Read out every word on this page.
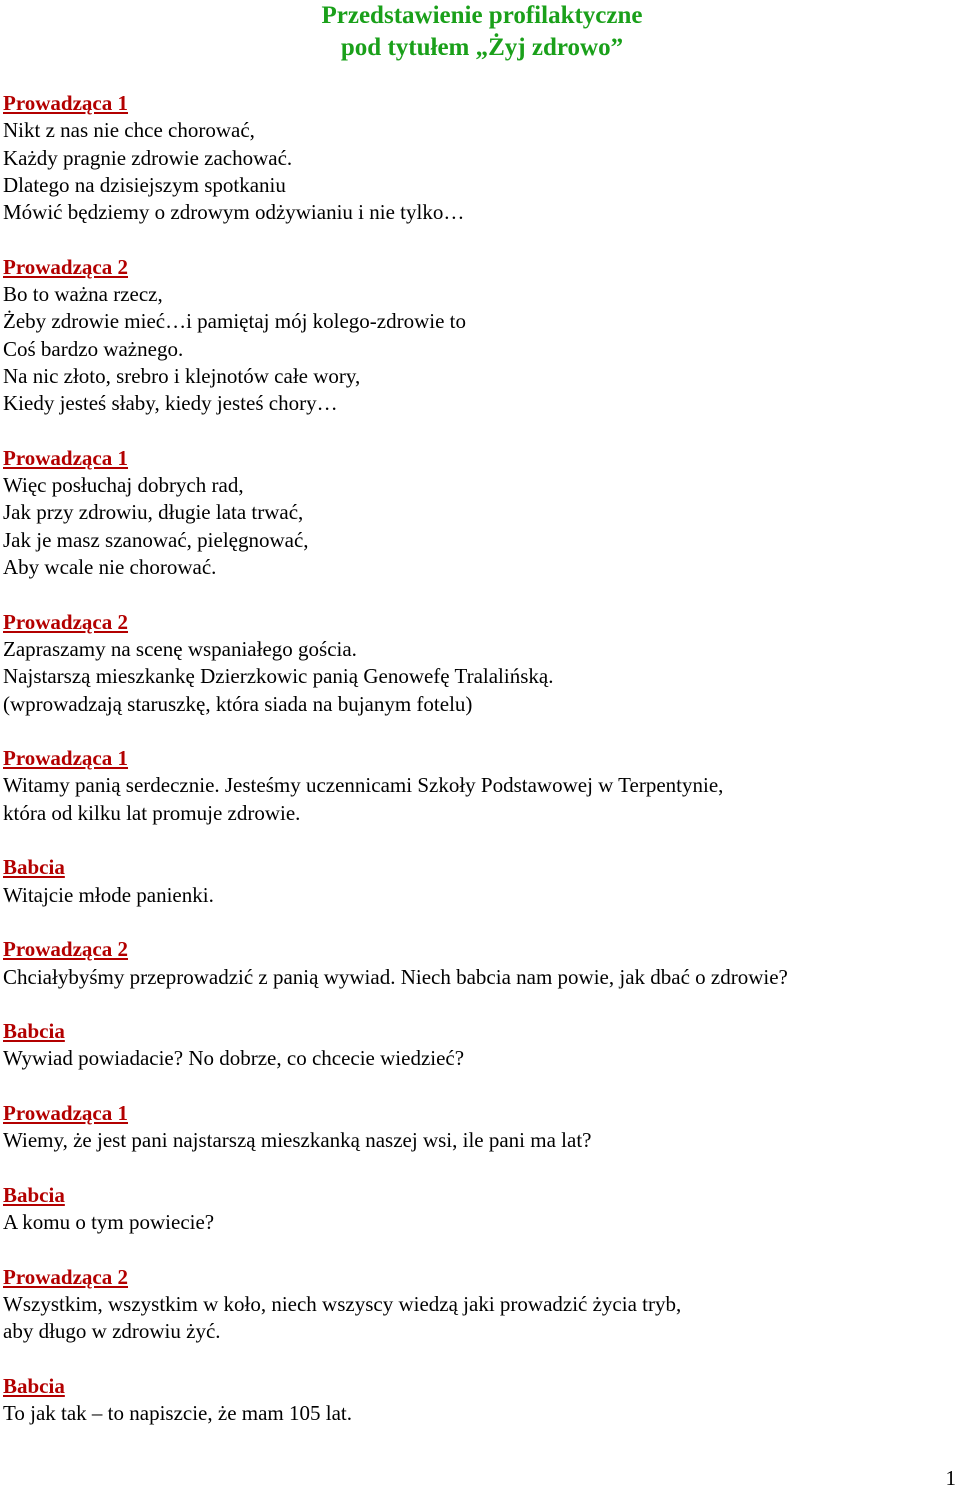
Przedstawienie profilaktyczne
pod tytułem „Żyj zdrowo”
Prowadząca 1
Nikt z nas nie chce chorować,
Każdy pragnie zdrowie zachować.
Dlatego na dzisiejszym spotkaniu
Mówić będziemy o zdrowym odżywianiu i nie tylko…
Prowadząca 2
Bo to ważna rzecz,
Żeby zdrowie mieć…i pamiętaj mój kolego-zdrowie to
Coś bardzo ważnego.
Na nic złoto, srebro i klejnotów całe wory,
Kiedy jesteś słaby, kiedy jesteś chory…
Prowadząca 1
Więc posłuchaj dobrych rad,
Jak przy zdrowiu, długie lata trwać,
Jak je masz szanować, pielęgnować,
Aby wcale nie chorować.
Prowadząca 2
Zapraszamy na scenę wspaniałego gościa.
Najstarszą mieszkankę Dzierzkowic panią Genowefę Tralalińską.
(wprowadzają staruszkę, która siada na bujanym fotelu)
Prowadząca 1
Witamy panią serdecznie. Jesteśmy uczennicami Szkoły Podstawowej w Terpentynie,
która od kilku lat promuje zdrowie.
Babcia
Witajcie młode panienki.
Prowadząca 2
Chciałybyśmy przeprowadzić z panią wywiad. Niech babcia nam powie, jak dbać o zdrowie?
Babcia
Wywiad powiadacie? No dobrze, co chcecie wiedzieć?
Prowadząca 1
Wiemy, że jest pani najstarszą mieszkanką naszej wsi, ile pani ma lat?
Babcia
A komu o tym powiecie?
Prowadząca 2
Wszystkim, wszystkim w koło, niech wszyscy wiedzą jaki prowadzić życia tryb,
aby długo w zdrowiu żyć.
Babcia
To jak tak – to napiszcie, że mam 105 lat.
1
